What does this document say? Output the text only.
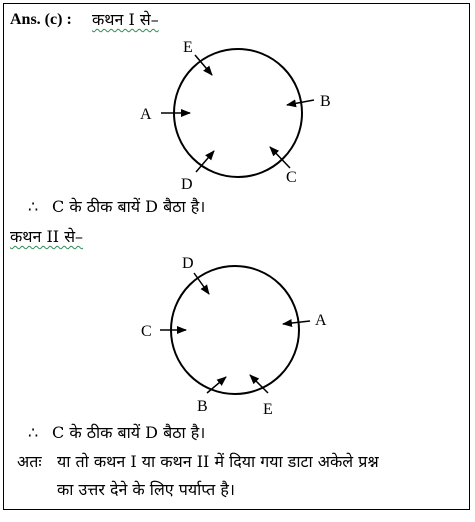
Ans. (c) : कथन I से–
E
B
A
C
D
D
C
A
B	E
∴ C के ठीक बायें D बैठा है।
कथन II से–
∴ C के ठीक बायें D बैठा है।
अतः या तो कथन I या कथन II में दिया गया डाटा अकेले प्रश्न
का उत्तर देने के लिए पर्याप्त है।
